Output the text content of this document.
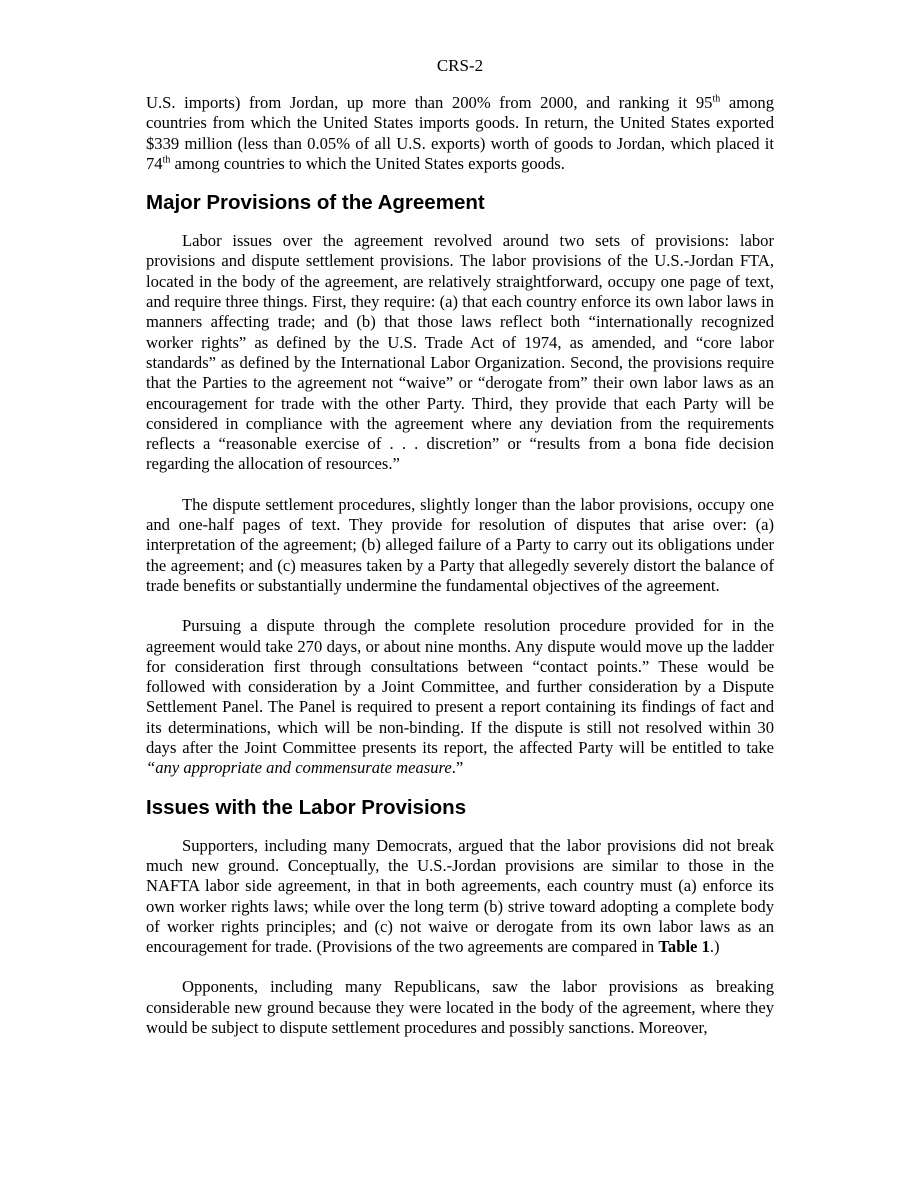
CRS-2

U.S. imports) from Jordan, up more than 200% from 2000, and ranking it 95th among countries from which the United States imports goods. In return, the United States exported $339 million (less than 0.05% of all U.S. exports) worth of goods to Jordan, which placed it 74th among countries to which the United States exports goods.

Major Provisions of the Agreement

Labor issues over the agreement revolved around two sets of provisions: labor provisions and dispute settlement provisions. The labor provisions of the U.S.-Jordan FTA, located in the body of the agreement, are relatively straightforward, occupy one page of text, and require three things. First, they require: (a) that each country enforce its own labor laws in manners affecting trade; and (b) that those laws reflect both “internationally recognized worker rights” as defined by the U.S. Trade Act of 1974, as amended, and “core labor standards” as defined by the International Labor Organization. Second, the provisions require that the Parties to the agreement not “waive” or “derogate from” their own labor laws as an encouragement for trade with the other Party. Third, they provide that each Party will be considered in compliance with the agreement where any deviation from the requirements reflects a “reasonable exercise of . . . discretion” or “results from a bona fide decision regarding the allocation of resources.”

The dispute settlement procedures, slightly longer than the labor provisions, occupy one and one-half pages of text. They provide for resolution of disputes that arise over: (a) interpretation of the agreement; (b) alleged failure of a Party to carry out its obligations under the agreement; and (c) measures taken by a Party that allegedly severely distort the balance of trade benefits or substantially undermine the fundamental objectives of the agreement.

Pursuing a dispute through the complete resolution procedure provided for in the agreement would take 270 days, or about nine months. Any dispute would move up the ladder for consideration first through consultations between “contact points.” These would be followed with consideration by a Joint Committee, and further consideration by a Dispute Settlement Panel. The Panel is required to present a report containing its findings of fact and its determinations, which will be non-binding. If the dispute is still not resolved within 30 days after the Joint Committee presents its report, the affected Party will be entitled to take “any appropriate and commensurate measure.”

Issues with the Labor Provisions

Supporters, including many Democrats, argued that the labor provisions did not break much new ground. Conceptually, the U.S.-Jordan provisions are similar to those in the NAFTA labor side agreement, in that in both agreements, each country must (a) enforce its own worker rights laws; while over the long term (b) strive toward adopting a complete body of worker rights principles; and (c) not waive or derogate from its own labor laws as an encouragement for trade. (Provisions of the two agreements are compared in Table 1.)

Opponents, including many Republicans, saw the labor provisions as breaking considerable new ground because they were located in the body of the agreement, where they would be subject to dispute settlement procedures and possibly sanctions. Moreover,
